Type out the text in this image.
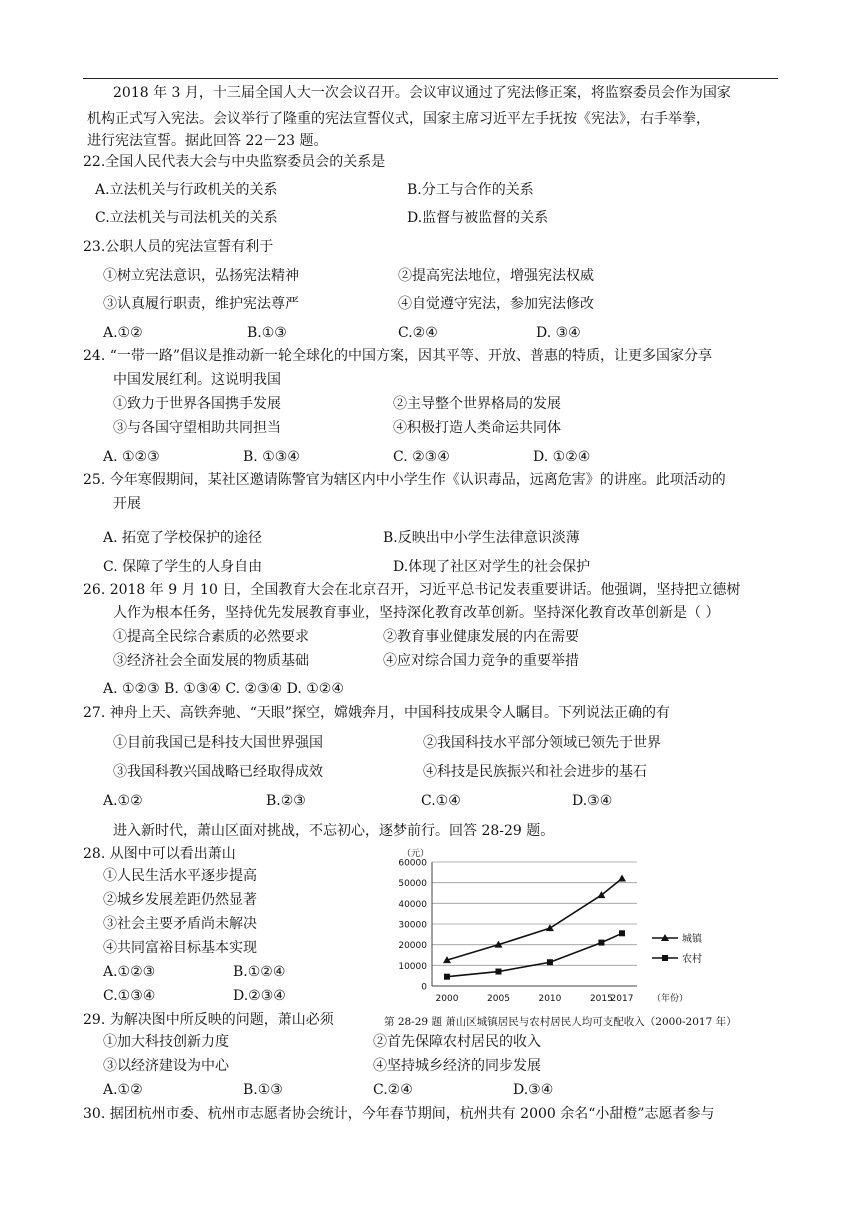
2018 年 3 月，十三届全国人大一次会议召开。会议审议通过了宪法修正案，将监察委员会作为国家
机构正式写入宪法。会议举行了隆重的宪法宣誓仪式，国家主席习近平左手抚按《宪法》，右手举拳，
进行宪法宣誓。据此回答 22－23 题。
22.全国人民代表大会与中央监察委员会的关系是
A.立法机关与行政机关的关系	B.分工与合作的关系
C.立法机关与司法机关的关系	D.监督与被监督的关系
23.公职人员的宪法宣誓有利于
①树立宪法意识，弘扬宪法精神	②提高宪法地位，增强宪法权威
③认真履行职责，维护宪法尊严	④自觉遵守宪法，参加宪法修改
A.①②	B.①③	C.②④	D. ③④
24. “一带一路”倡议是推动新一轮全球化的中国方案，因其平等、开放、普惠的特质，让更多国家分享
中国发展红利。这说明我国
①致力于世界各国携手发展	②主导整个世界格局的发展
③与各国守望相助共同担当	④积极打造人类命运共同体
A. ①②③	B. ①③④	C. ②③④	D. ①②④
25. 今年寒假期间，某社区邀请陈警官为辖区内中小学生作《认识毒品，远离危害》的讲座。此项活动的
开展
A. 拓宽了学校保护的途径	B.反映出中小学生法律意识淡薄
C. 保障了学生的人身自由	D.体现了社区对学生的社会保护
26. 2018 年 9 月 10 日，全国教育大会在北京召开，习近平总书记发表重要讲话。他强调，坚持把立德树
人作为根本任务，坚持优先发展教育事业，坚持深化教育改革创新。坚持深化教育改革创新是（ ）
①提高全民综合素质的必然要求	②教育事业健康发展的内在需要
③经济社会全面发展的物质基础	④应对综合国力竞争的重要举措
A. ①②③ B. ①③④ C. ②③④ D. ①②④
27. 神舟上天、高铁奔驰、“天眼”探空，嫦娥奔月，中国科技成果令人瞩目。下列说法正确的有
①目前我国已是科技大国世界强国	②我国科技水平部分领域已领先于世界
③我国科教兴国战略已经取得成效	④科技是民族振兴和社会进步的基石
A.①②	B.②③	C.①④	D.③④
进入新时代，萧山区面对挑战，不忘初心，逐梦前行。回答 28-29 题。
28. 从图中可以看出萧山
①人民生活水平逐步提高
②城乡发展差距仍然显著
③社会主要矛盾尚未解决
④共同富裕目标基本实现
A.①②③	B.①②④
C.①③④	D.②③④
0
10000
20000
30000
40000
50000
60000
（元）
2000	2005	2010	2015
2017 （年份）
城镇
农村
第 28-29 题 萧山区城镇居民与农村居民人均可支配收入（2000-2017 年）
29. 为解决图中所反映的问题，萧山必须
①加大科技创新力度	②首先保障农村居民的收入
③以经济建设为中心	④坚持城乡经济的同步发展
A.①②	B.①③	C.②④	D.③④
30. 据团杭州市委、杭州市志愿者协会统计，今年春节期间，杭州共有 2000 余名“小甜橙”志愿者参与
